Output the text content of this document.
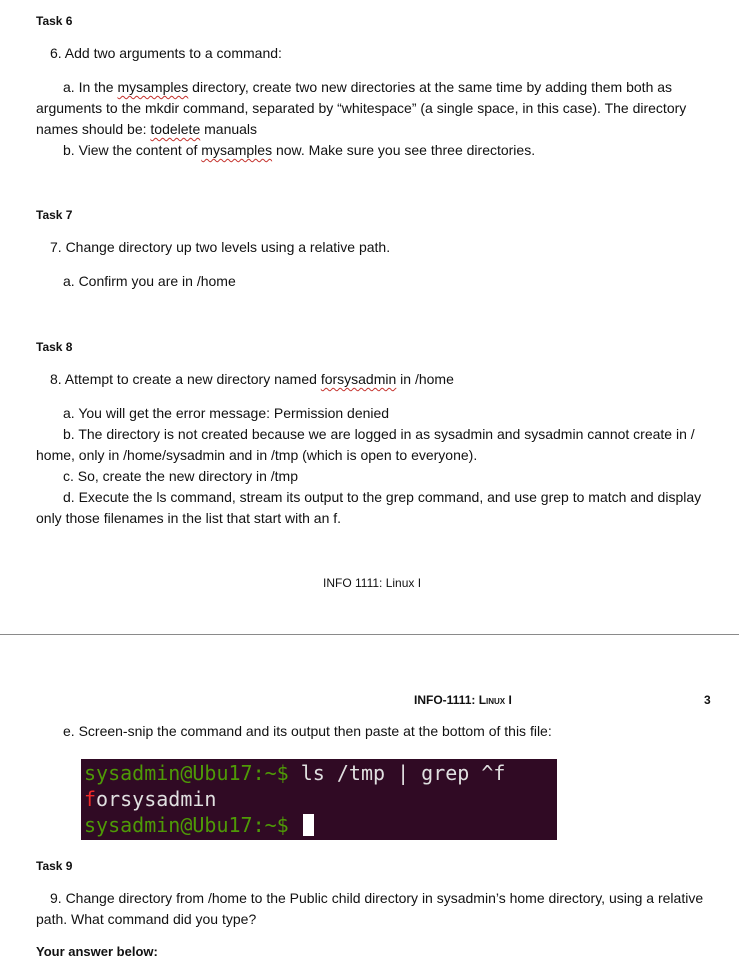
Task 6
6. Add two arguments to a command:
a. In the mysamples directory, create two new directories at the same time by adding them both as
arguments to the mkdir command, separated by “whitespace” (a single space, in this case). The directory
names should be: todelete manuals
b. View the content of mysamples now. Make sure you see three directories.
Task 7
7. Change directory up two levels using a relative path.
a. Confirm you are in /home
Task 8
8. Attempt to create a new directory named forsysadmin in /home
a. You will get the error message: Permission denied
b. The directory is not created because we are logged in as sysadmin and sysadmin cannot create in /
home, only in /home/sysadmin and in /tmp (which is open to everyone).
c. So, create the new directory in /tmp
d. Execute the ls command, stream its output to the grep command, and use grep to match and display
only those filenames in the list that start with an f.
INFO 1111: Linux I
INFO-1111: Linux I	3
e. Screen-snip the command and its output then paste at the bottom of this file:
sysadmin@Ubu17:~$ ls /tmp | grep ^f
forsysadmin
sysadmin@Ubu17:~$
Task 9
9. Change directory from /home to the Public child directory in sysadmin’s home directory, using a relative
path. What command did you type?
Your answer below:
